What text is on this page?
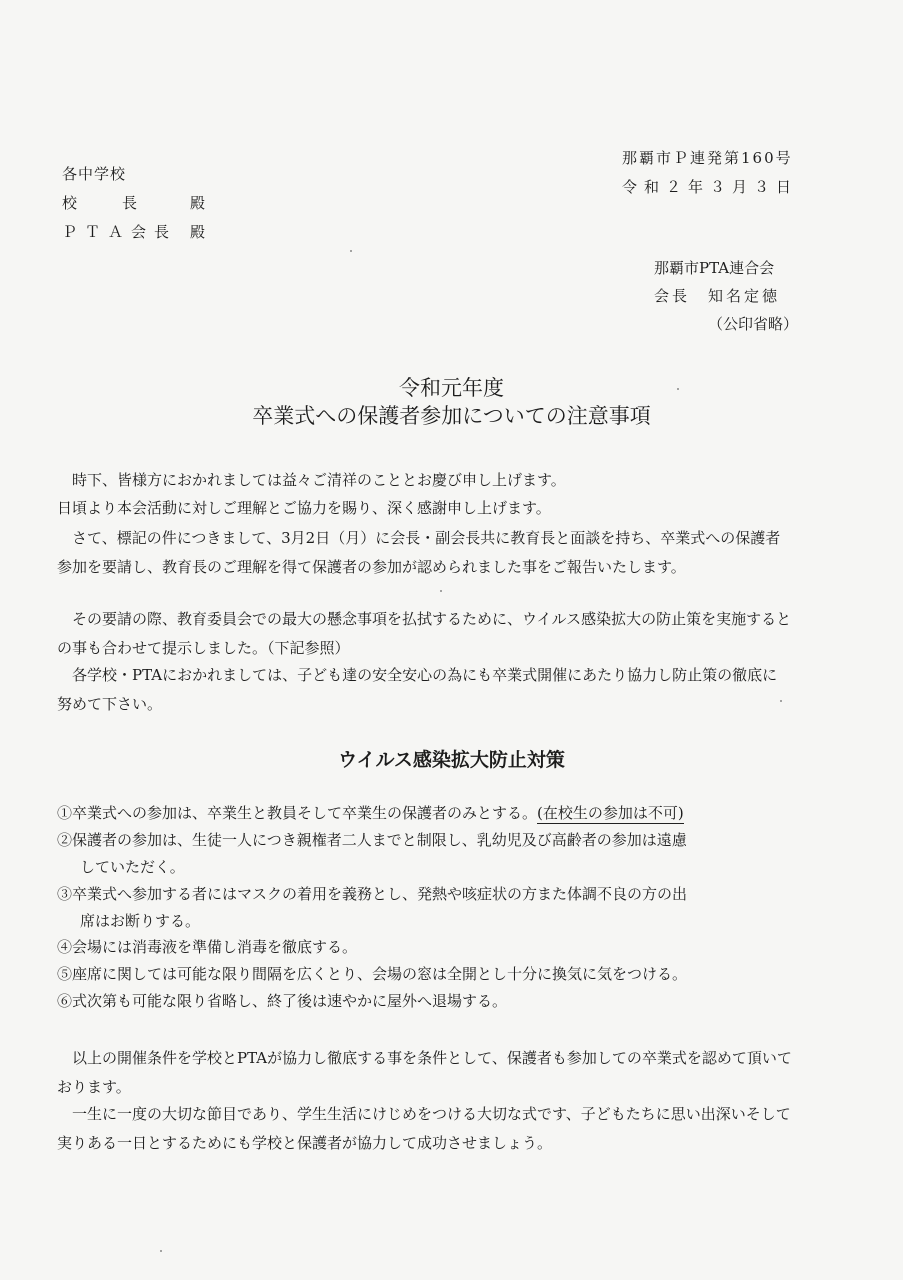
各中学校
校	長	殿
ＰＴＡ会長 殿
那覇市Ｐ連発第160号
令和２年３月３日
那覇市PTA連合会
会長　知名定徳
（公印省略）
令和元年度
卒業式への保護者参加についての注意事項
時下、皆様方におかれましては益々ご清祥のこととお慶び申し上げます。
日頃より本会活動に対しご理解とご協力を賜り、深く感謝申し上げます。
さて、標記の件につきまして、3月2日（月）に会長・副会長共に教育長と面談を持ち、卒業式への保護者参加を要請し、教育長のご理解を得て保護者の参加が認められました事をご報告いたします。
その要請の際、教育委員会での最大の懸念事項を払拭するために、ウイルス感染拡大の防止策を実施するとの事も合わせて提示しました。（下記参照）
各学校・PTAにおかれましては、子ども達の安全安心の為にも卒業式開催にあたり協力し防止策の徹底に努めて下さい。
ウイルス感染拡大防止対策
①卒業式への参加は、卒業生と教員そして卒業生の保護者のみとする。(在校生の参加は不可)
②保護者の参加は、生徒一人につき親権者二人までと制限し、乳幼児及び高齢者の参加は遠慮
していただく。
③卒業式へ参加する者にはマスクの着用を義務とし、発熱や咳症状の方また体調不良の方の出
席はお断りする。
④会場には消毒液を準備し消毒を徹底する。
⑤座席に関しては可能な限り間隔を広くとり、会場の窓は全開とし十分に換気に気をつける。
⑥式次第も可能な限り省略し、終了後は速やかに屋外へ退場する。
以上の開催条件を学校とPTAが協力し徹底する事を条件として、保護者も参加しての卒業式を認めて頂いております。
一生に一度の大切な節目であり、学生生活にけじめをつける大切な式です、子どもたちに思い出深いそして実りある一日とするためにも学校と保護者が協力して成功させましょう。
